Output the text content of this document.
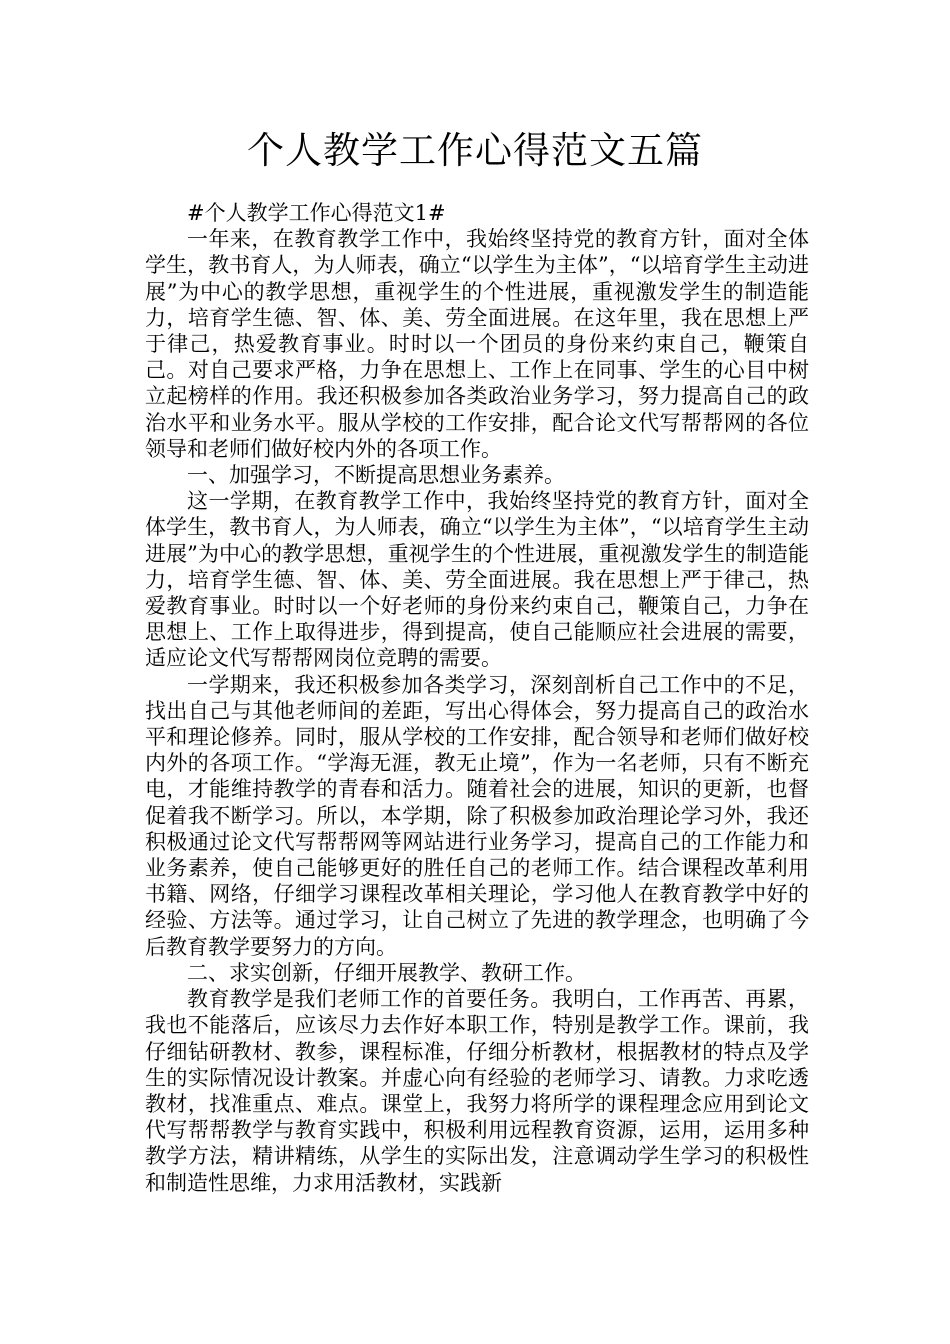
个人教学工作心得范文五篇

#个人教学工作心得范文1#

一年来，在教育教学工作中，我始终坚持党的教育方针，面对全体学生，教书育人，为人师表，确立“以学生为主体”，“以培育学生主动进展”为中心的教学思想，重视学生的个性进展，重视激发学生的制造能力，培育学生德、智、体、美、劳全面进展。在这年里，我在思想上严于律己，热爱教育事业。时时以一个团员的身份来约束自己，鞭策自己。对自己要求严格，力争在思想上、工作上在同事、学生的心目中树立起榜样的作用。我还积极参加各类政治业务学习，努力提高自己的政治水平和业务水平。服从学校的工作安排，配合论文代写帮帮网的各位领导和老师们做好校内外的各项工作。

一、加强学习，不断提高思想业务素养。

这一学期，在教育教学工作中，我始终坚持党的教育方针，面对全体学生，教书育人，为人师表，确立“以学生为主体”，“以培育学生主动进展”为中心的教学思想，重视学生的个性进展，重视激发学生的制造能力，培育学生德、智、体、美、劳全面进展。我在思想上严于律己，热爱教育事业。时时以一个好老师的身份来约束自己，鞭策自己，力争在思想上、工作上取得进步，得到提高，使自己能顺应社会进展的需要，适应论文代写帮帮网岗位竞聘的需要。

一学期来，我还积极参加各类学习，深刻剖析自己工作中的不足，找出自己与其他老师间的差距，写出心得体会，努力提高自己的政治水平和理论修养。同时，服从学校的工作安排，配合领导和老师们做好校内外的各项工作。“学海无涯，教无止境”，作为一名老师，只有不断充电，才能维持教学的青春和活力。随着社会的进展，知识的更新，也督促着我不断学习。所以，本学期，除了积极参加政治理论学习外，我还积极通过论文代写帮帮网等网站进行业务学习，提高自己的工作能力和业务素养，使自己能够更好的胜任自己的老师工作。结合课程改革利用书籍、网络，仔细学习课程改革相关理论，学习他人在教育教学中好的经验、方法等。通过学习，让自己树立了先进的教学理念，也明确了今后教育教学要努力的方向。

二、求实创新，仔细开展教学、教研工作。

教育教学是我们老师工作的首要任务。我明白，工作再苦、再累，我也不能落后，应该尽力去作好本职工作，特别是教学工作。课前，我仔细钻研教材、教参，课程标准，仔细分析教材，根据教材的特点及学生的实际情况设计教案。并虚心向有经验的老师学习、请教。力求吃透教材，找准重点、难点。课堂上，我努力将所学的课程理念应用到论文代写帮帮教学与教育实践中，积极利用远程教育资源，运用，运用多种教学方法，精讲精练，从学生的实际出发，注意调动学生学习的积极性和制造性思维，力求用活教材，实践新
